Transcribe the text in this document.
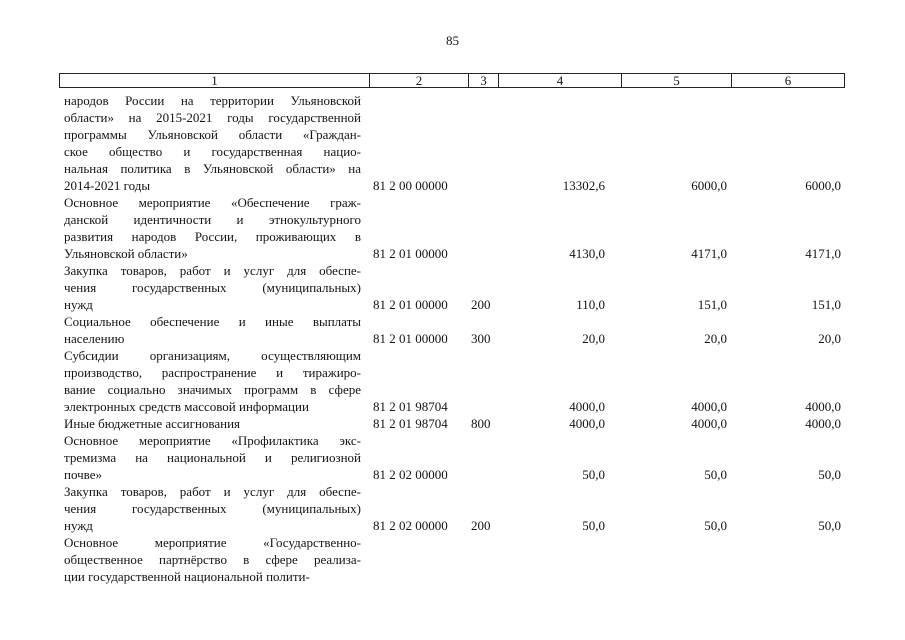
85
1	2	3	4	5	6
народов России на территории Ульяновской
области» на 2015-2021 годы государственной
программы Ульяновской области «Граждан-
ское общество и государственная нацио-
нальная политика в Ульяновской области» на
2014-2021 годы	81 2 00 00000	13302,6	6000,0	6000,0
Основное мероприятие «Обеспечение граж-
данской идентичности и этнокультурного
развития народов России, проживающих в
Ульяновской области»	81 2 01 00000	4130,0	4171,0	4171,0
Закупка товаров, работ и услуг для обеспе-
чения государственных (муниципальных)
нужд	81 2 01 00000 200	110,0	151,0	151,0
Социальное обеспечение и иные выплаты
населению	81 2 01 00000 300	20,0	20,0	20,0
Субсидии организациям, осуществляющим
производство, распространение и тиражиро-
вание социально значимых программ в сфере
электронных средств массовой информации	81 2 01 98704	4000,0	4000,0	4000,0
Иные бюджетные ассигнования	81 2 01 98704 800	4000,0	4000,0	4000,0
Основное мероприятие «Профилактика экс-
тремизма на национальной и религиозной
почве»	81 2 02 00000	50,0	50,0	50,0
Закупка товаров, работ и услуг для обеспе-
чения государственных (муниципальных)
нужд	81 2 02 00000 200	50,0	50,0	50,0
Основное мероприятие «Государственно-
общественное партнёрство в сфере реализа-
ции государственной национальной полити-
